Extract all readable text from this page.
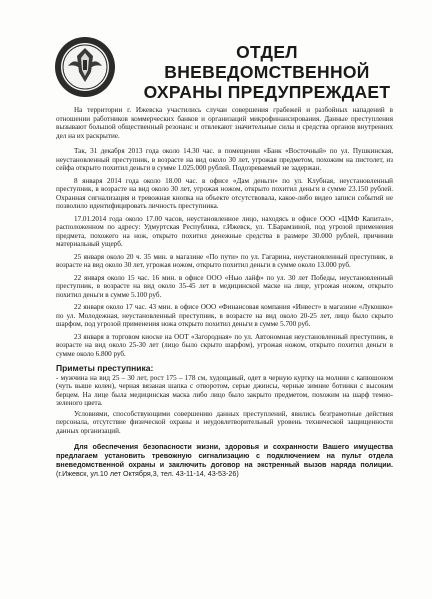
ОТДЕЛ
ВНЕВЕДОМСТВЕННОЙ
ОХРАНЫ ПРЕДУПРЕЖДАЕТ

На территории г. Ижевска участились случаи совершения грабежей и разбойных нападений в отношении работников коммерческих банков и организаций микрофинансирования. Данные преступления вызывают большой общественный резонанс и отвлекают значительные силы и средства органов внутренних дел на их раскрытие.

Так, 31 декабря 2013 года около 14.30 час. в помещении «Банк «Восточный» по ул. Пушкинская, неустановленный преступник, в возрасте на вид около 30 лет, угрожая предметом, похожим на пистолет, из сейфа открыто похитил деньги в сумме 1.025.000 рублей. Подозреваемый не задержан.

8 января 2014 года около 18.00 час. в офисе «Дам деньги» по ул. Клубная, неустановленный преступник, в возрасте на вид около 30 лет, угрожая ножом, открыто похитил деньги в сумме 23.150 рублей. Охранная сигнализация и тревожная кнопка на объекте отсутствовала, какое-либо видео записи событий не позволило идентифицировать личность преступника.

17.01.2014 года около 17.00 часов, неустановленное лицо, находясь в офисе ООО «ЦМФ Капитал», расположенном по адресу: Удмуртская Республика, г.Ижевск, ул. Т.Барамзиной, под угрозой применения предмета, похожего на нож, открыто похитил денежные средства в размере 30.000 рублей, причинив материальный ущерб.

25 января около 20 ч. 35 мин. в магазине «По пути» по ул. Гагарина, неустановленный преступник, в возрасте на вид около 30 лет, угрожая ножом, открыто похитил деньги в сумме около 13.000 руб.

22 января около 15 час. 16 мин. в офисе ООО «Нью лайф» по ул. 30 лет Победы, неустановленный преступник, в возрасте на вид около 35-45 лет в медицинской маске на лице, угрожая ножом, открыто похитил деньги в сумме 5.100 руб.

22 января около 17 час. 43 мин. в офисе ООО «Финансовая компания «Инвест» в магазине «Лукошко» по ул. Молодежная, неустановленный преступник, в возрасте на вид около 20-25 лет, лицо было скрыто шарфом, под угрозой применения ножа открыто похитил деньги в сумме 5.700 руб.

23 января в торговом киоске на ООТ «Загородная» по ул. Автономная неустановленный преступник, в возрасте на вид около 25-30 лет (лицо было скрыто шарфом), угрожая ножом, открыто похитил деньги в сумме около 6.800 руб.

Приметы преступника:

- мужчина на вид 25 – 30 лет, рост 175 – 178 см, худощавый, одет в черную куртку на молнии с капюшоном (чуть выше колен), черная вязаная шапка с отворотом, серые джинсы, черные зимние ботинки с высоким берцем. На лице была медицинская маска либо лицо было закрыто предметом, похожим на шарф темно-зеленого цвета.

Условиями, способствующими совершению данных преступлений, явились безграмотные действия персонала, отсутствие физической охраны и неудовлетворительный уровень технической защищенности данных организаций.

Для обеспечения безопасности жизни, здоровья и сохранности Вашего имущества предлагаем установить тревожную сигнализацию с подключением на пульт отдела вневедомственной охраны и заключить договор на экстренный вызов наряда полиции. (г.Ижевск, ул.10 лет Октября,3, тел. 43-11-14, 43-53-26)
